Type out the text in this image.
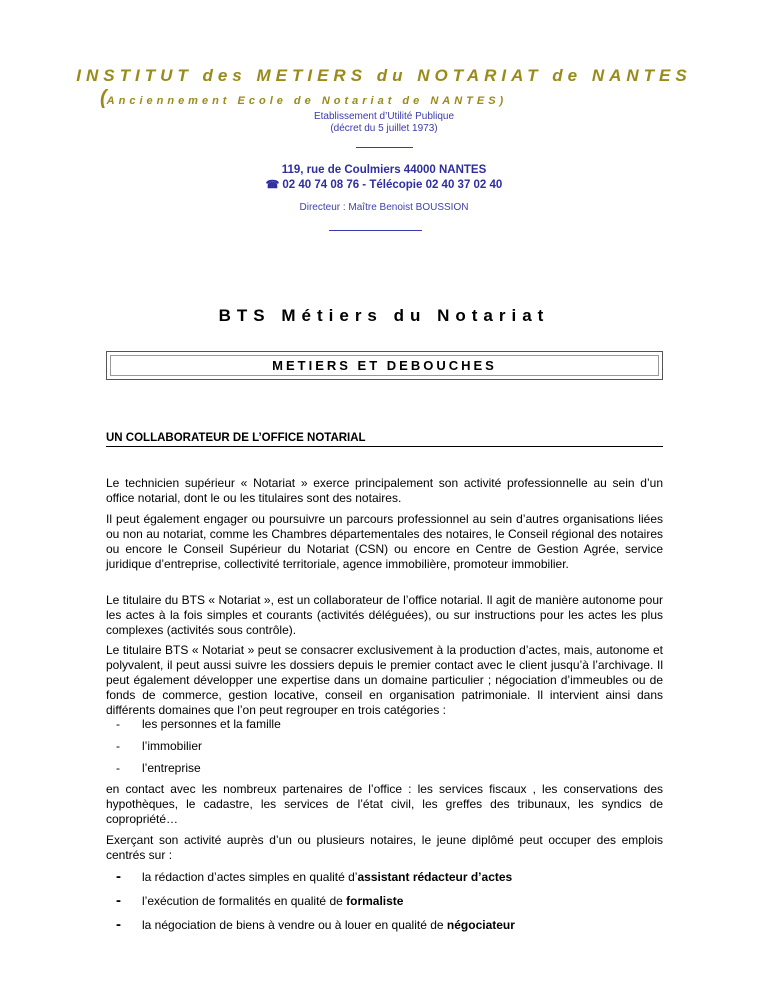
INSTITUT des METIERS du NOTARIAT de NANTES
(Anciennement Ecole de Notariat de NANTES)
Etablissement d’Utilité Publique
(décret du 5 juillet 1973)
119, rue de Coulmiers 44000 NANTES
☎ 02 40 74 08 76 - Télécopie 02 40 37 02 40
Directeur : Maître Benoist BOUSSION
BTS Métiers du Notariat
METIERS ET DEBOUCHES
UN COLLABORATEUR DE L’OFFICE NOTARIAL

Le technicien supérieur « Notariat » exerce principalement son activité professionnelle au sein d’un office notarial, dont le ou les titulaires sont des notaires.

Il peut également engager ou poursuivre un parcours professionnel au sein d’autres organisations liées ou non au notariat, comme les Chambres départementales des notaires, le Conseil régional des notaires ou encore le Conseil Supérieur du Notariat (CSN) ou encore en Centre de Gestion Agrée, service juridique d’entreprise, collectivité territoriale, agence immobilière, promoteur immobilier.

Le titulaire du BTS « Notariat », est un collaborateur de l’office notarial. Il agit de manière autonome pour les actes à la fois simples et courants (activités déléguées), ou sur instructions pour les actes les plus complexes (activités sous contrôle).

Le titulaire BTS « Notariat » peut se consacrer exclusivement à la production d’actes, mais, autonome et polyvalent, il peut aussi suivre les dossiers depuis le premier contact avec le client jusqu’à l’archivage. Il peut également développer une expertise dans un domaine particulier ; négociation d’immeubles ou de fonds de commerce, gestion locative, conseil en organisation patrimoniale. Il intervient ainsi dans différents domaines que l’on peut regrouper en trois catégories :

- les personnes et la famille
- l’immobilier
- l’entreprise

en contact avec les nombreux partenaires de l’office : les services fiscaux , les conservations des hypothèques, le cadastre, les services de l’état civil, les greffes des tribunaux, les syndics de copropriété…

Exerçant son activité auprès d’un ou plusieurs notaires, le jeune diplômé peut occuper des emplois centrés sur :

- la rédaction d’actes simples en qualité d’assistant rédacteur d’actes
- l’exécution de formalités en qualité de formaliste
- la négociation de biens à vendre ou à louer en qualité de négociateur
